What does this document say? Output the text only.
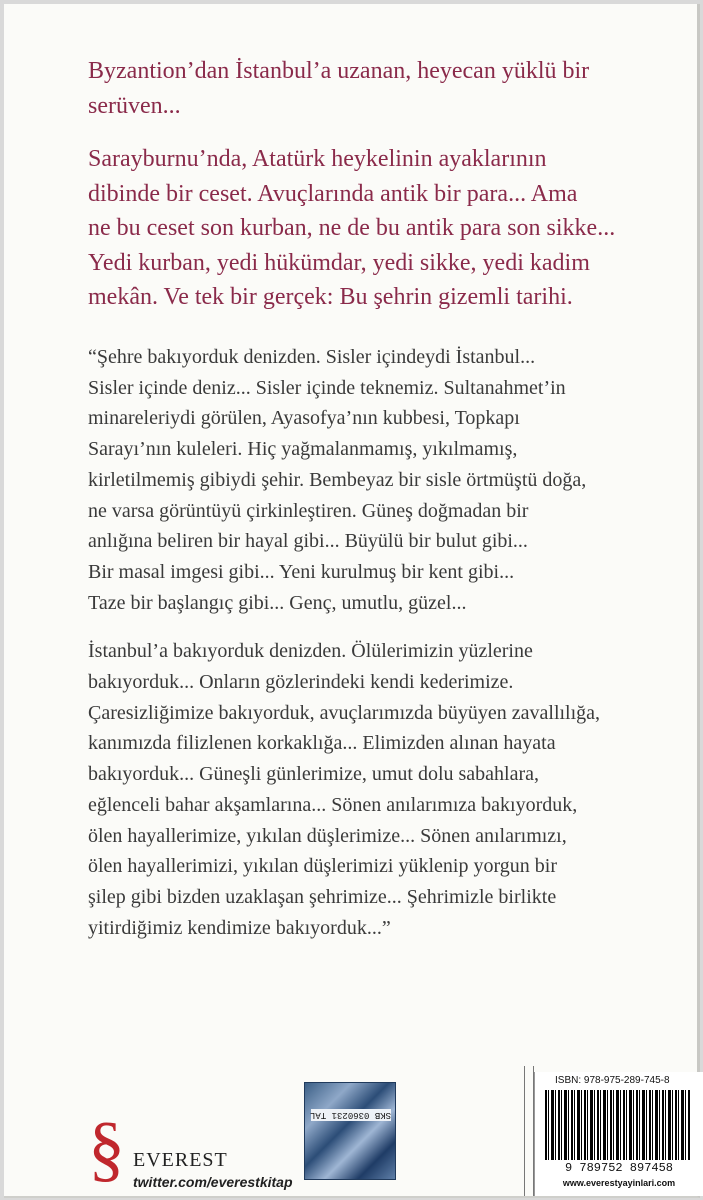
Byzantion’dan İstanbul’a uzanan, heyecan yüklü bir
serüven...

Sarayburnu’nda, Atatürk heykelinin ayaklarının
dibinde bir ceset. Avuçlarında antik bir para... Ama
ne bu ceset son kurban, ne de bu antik para son sikke...
Yedi kurban, yedi hükümdar, yedi sikke, yedi kadim
mekân. Ve tek bir gerçek: Bu şehrin gizemli tarihi.

“Şehre bakıyorduk denizden. Sisler içindeydi İstanbul...
Sisler içinde deniz... Sisler içinde teknemiz. Sultanahmet’in
minareleriydi görülen, Ayasofya’nın kubbesi, Topkapı
Sarayı’nın kuleleri. Hiç yağmalanmamış, yıkılmamış,
kirletilmemiş gibiydi şehir. Bembeyaz bir sisle örtmüştü doğa,
ne varsa görüntüyü çirkinleştiren. Güneş doğmadan bir
anlığına beliren bir hayal gibi... Büyülü bir bulut gibi...
Bir masal imgesi gibi... Yeni kurulmuş bir kent gibi...
Taze bir başlangıç gibi... Genç, umutlu, güzel...

İstanbul’a bakıyorduk denizden. Ölülerimizin yüzlerine
bakıyorduk... Onların gözlerindeki kendi kederimize.
Çaresizliğimize bakıyorduk, avuçlarımızda büyüyen zavallılığa,
kanımızda filizlenen korkaklığa... Elimizden alınan hayata
bakıyorduk... Güneşli günlerimize, umut dolu sabahlara,
eğlenceli bahar akşamlarına... Sönen anılarımıza bakıyorduk,
ölen hayallerimize, yıkılan düşlerimize... Sönen anılarımızı,
ölen hayallerimizi, yıkılan düşlerimizi yüklenip yorgun bir
şilep gibi bizden uzaklaşan şehrimize... Şehrimizle birlikte
yitirdiğimiz kendimize bakıyorduk...”

§ EVEREST
twitter.com/everestkitap
SKB 0360231 TAL
ISBN: 978-975-289-745-8
9 789752 897458
www.everestyayinlari.com
